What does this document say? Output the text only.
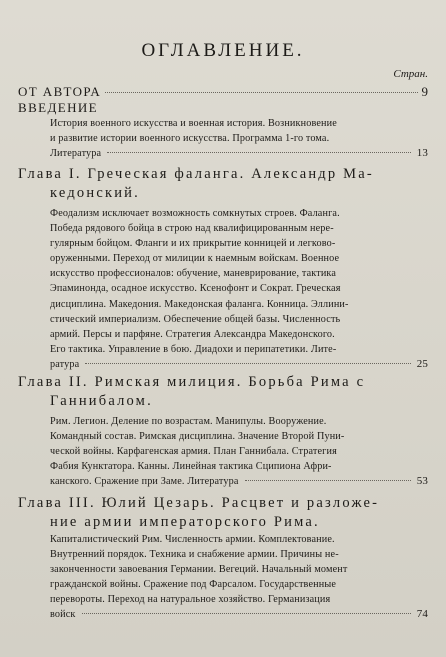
ОГЛАВЛЕНИЕ.
Стран.
ОТ АВТОРА	9
ВВЕДЕНИЕ
История военного искусства и военная история. Возникновение
и развитие истории военного искусства. Программа 1-го тома.
Литература	13
Глава I. Греческая фаланга. Александр Ма-
кедонский.
Феодализм исключает возможность сомкнутых строев. Фаланга.
Победа рядового бойца в строю над квалифицированным нере-
гулярным бойцом. Фланги и их прикрытие конницей и легково-
оруженными. Переход от милиции к наемным войскам. Военное
искусство профессионалов: обучение, маневрирование, тактика
Эпаминонда, осадное искусство. Ксенофонт и Сократ. Греческая
дисциплина. Македония. Македонская фаланга. Конница. Эллини-
стический империализм. Обеспечение общей базы. Численность
армий. Персы и парфяне. Стратегия Александра Македонского.
Его тактика. Управление в бою. Диадохи и перипатетики. Лите-
ратура	25
Глава II. Римская милиция. Борьба Рима с
Ганнибалом.
Рим. Легион. Деление по возрастам. Манипулы. Вооружение.
Командный состав. Римская дисциплина. Значение Второй Пуни-
ческой войны. Карфагенская армия. План Ганнибала. Стратегия
Фабия Кунктатора. Канны. Линейная тактика Сципиона Афри-
канского. Сражение при Заме. Литература	53
Глава III. Юлий Цезарь. Расцвет и разложе-
ние армии императорского Рима.
Капиталистический Рим. Численность армии. Комплектование.
Внутренний порядок. Техника и снабжение армии. Причины не-
законченности завоевания Германии. Вегеций. Начальный момент
гражданской войны. Сражение под Фарсалом. Государственные
перевороты. Переход на натуральное хозяйство. Германизация
войск	74
